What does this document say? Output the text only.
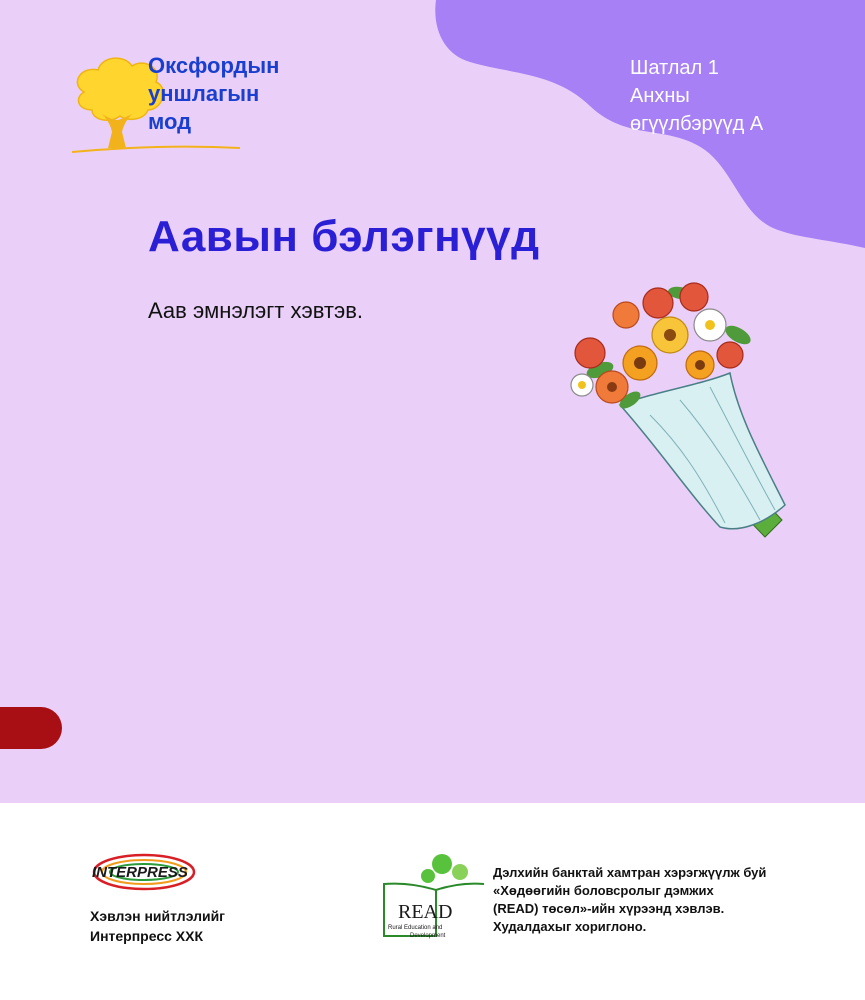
Оксфордын
уншлагын
мод
Шатлал 1
Анхны
өгүүлбэрүүд А
Аавын бэлэгнүүд

Аав эмнэлэгт хэвтэв.

INTERPRESS
Хэвлэн нийтлэлийг
Интерпресс ХХК
READ
Rural Education and
Development
Дэлхийн банктай хамтран хэрэгжүүлж буй
«Хөдөөгийн боловсролыг дэмжих
(READ) төсөл»-ийн хүрээнд хэвлэв.
Худалдахыг хориглоно.
